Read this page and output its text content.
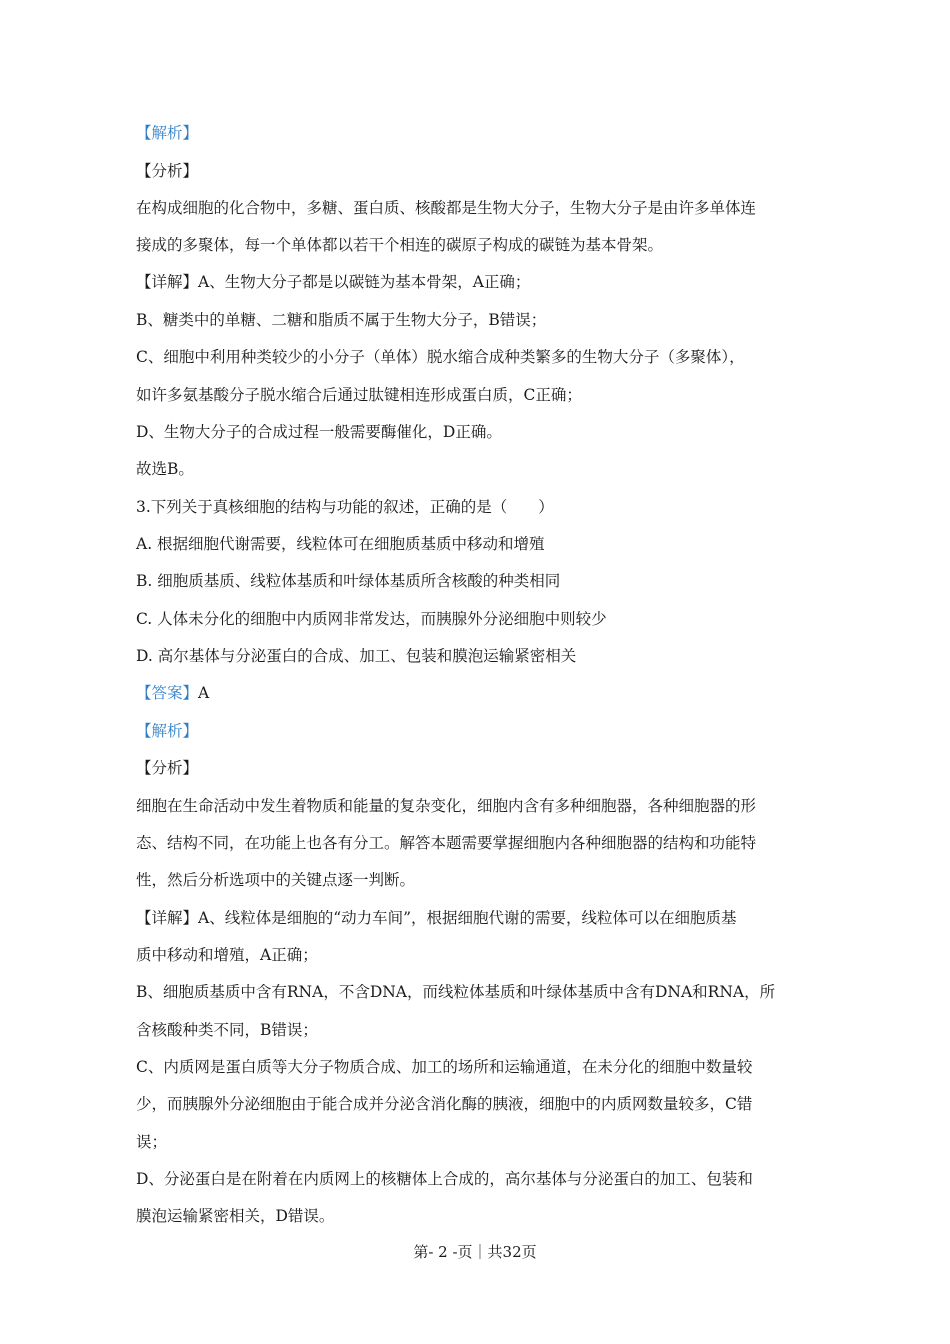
【解析】
【分析】
在构成细胞的化合物中，多糖、蛋白质、核酸都是生物大分子，生物大分子是由许多单体连
接成的多聚体，每一个单体都以若干个相连的碳原子构成的碳链为基本骨架。
【详解】A、生物大分子都是以碳链为基本骨架，A正确；
B、糖类中的单糖、二糖和脂质不属于生物大分子，B错误；
C、细胞中利用种类较少的小分子（单体）脱水缩合成种类繁多的生物大分子（多聚体），
如许多氨基酸分子脱水缩合后通过肽键相连形成蛋白质，C正确；
D、生物大分子的合成过程一般需要酶催化，D正确。
故选B。
3.下列关于真核细胞的结构与功能的叙述，正确的是（　　）
A. 根据细胞代谢需要，线粒体可在细胞质基质中移动和增殖
B. 细胞质基质、线粒体基质和叶绿体基质所含核酸的种类相同
C. 人体未分化的细胞中内质网非常发达，而胰腺外分泌细胞中则较少
D. 高尔基体与分泌蛋白的合成、加工、包装和膜泡运输紧密相关
【答案】A
【解析】
【分析】
细胞在生命活动中发生着物质和能量的复杂变化，细胞内含有多种细胞器，各种细胞器的形
态、结构不同，在功能上也各有分工。解答本题需要掌握细胞内各种细胞器的结构和功能特
性，然后分析选项中的关键点逐一判断。
【详解】A、线粒体是细胞的“动力车间”，根据细胞代谢的需要，线粒体可以在细胞质基
质中移动和增殖，A正确；
B、细胞质基质中含有RNA，不含DNA，而线粒体基质和叶绿体基质中含有DNA和RNA，所
含核酸种类不同，B错误；
C、内质网是蛋白质等大分子物质合成、加工的场所和运输通道，在未分化的细胞中数量较
少，而胰腺外分泌细胞由于能合成并分泌含消化酶的胰液，细胞中的内质网数量较多，C错
误；
D、分泌蛋白是在附着在内质网上的核糖体上合成的，高尔基体与分泌蛋白的加工、包装和
膜泡运输紧密相关，D错误。
第- 2 -页｜共32页
